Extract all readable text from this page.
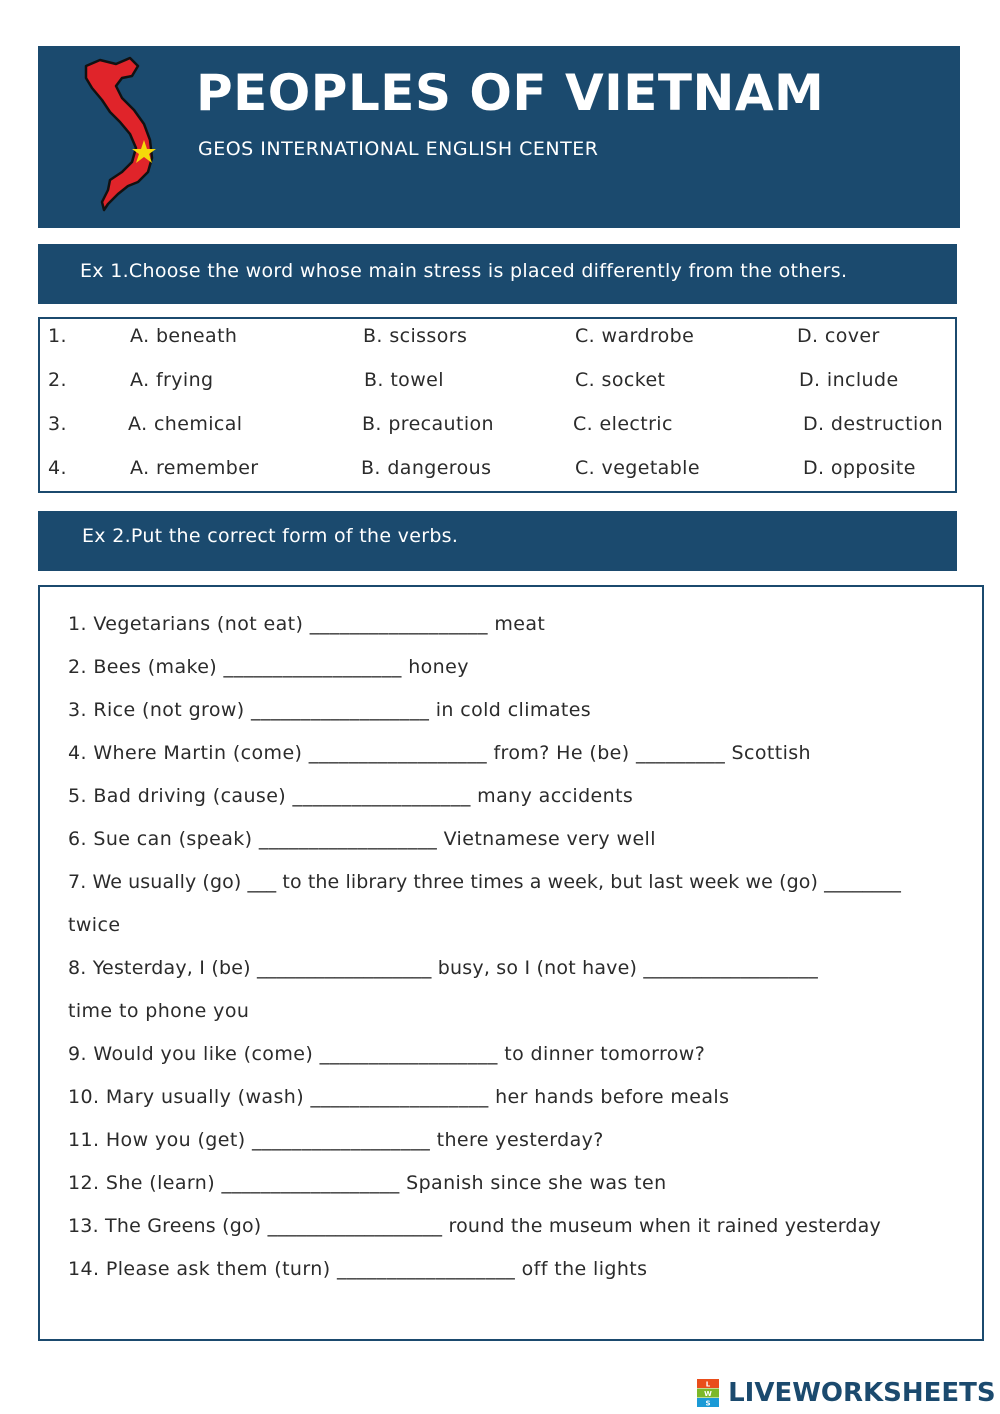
PEOPLES OF VIETNAM
GEOS INTERNATIONAL ENGLISH CENTER
Ex 1.Choose the word whose main stress is placed differently from the others.
1.	A. beneath	B. scissors	C. wardrobe	D. cover
2.	A. frying	B. towel	C. socket	D. include
3.	A. chemical	B. precaution	C. electric	D. destruction
4.	A. remember	B. dangerous	C. vegetable	D. opposite
Ex 2.Put the correct form of the verbs.
1. Vegetarians (not eat) __________________ meat
2. Bees (make) __________________ honey
3. Rice (not grow) __________________ in cold climates
4. Where Martin (come) __________________ from? He (be) _________ Scottish
5. Bad driving (cause) __________________ many accidents
6. Sue can (speak) __________________ Vietnamese very well
7. We usually (go) ___ to the library three times a week, but last week we (go) ________
twice
8. Yesterday, I (be) __________________ busy, so I (not have) __________________
time to phone you
9. Would you like (come) __________________ to dinner tomorrow?
10. Mary usually (wash) __________________ her hands before meals
11. How you (get) __________________ there yesterday?
12. She (learn) __________________ Spanish since she was ten
13. The Greens (go) __________________ round the museum when it rained yesterday
14. Please ask them (turn) __________________ off the lights
L
W
S LIVEWORKSHEETS
